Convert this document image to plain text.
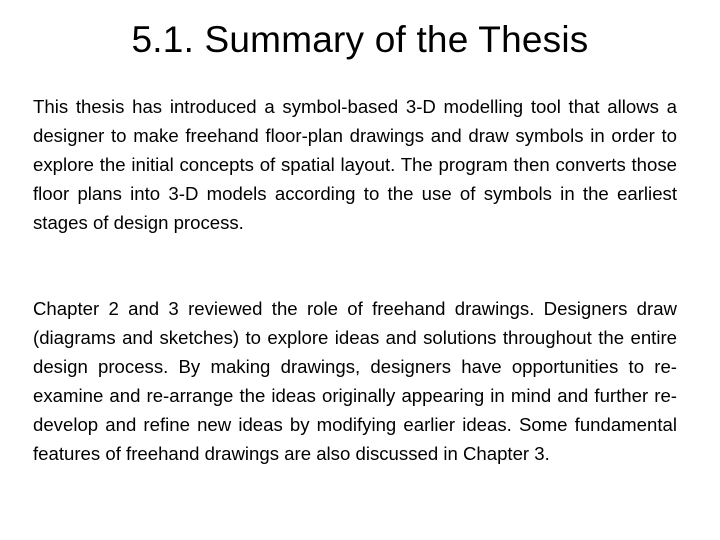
5.1. Summary of the Thesis

This thesis has introduced a symbol-based 3-D modelling tool that allows a designer to make freehand floor-plan drawings and draw symbols in order to explore the initial concepts of spatial layout. The program then converts those floor plans into 3-D models according to the use of symbols in the earliest stages of design process.

Chapter 2 and 3 reviewed the role of freehand drawings. Designers draw (diagrams and sketches) to explore ideas and solutions throughout the entire design process. By making drawings, designers have opportunities to re-examine and re-arrange the ideas originally appearing in mind and further re-develop and refine new ideas by modifying earlier ideas. Some fundamental features of freehand drawings are also discussed in Chapter 3.
